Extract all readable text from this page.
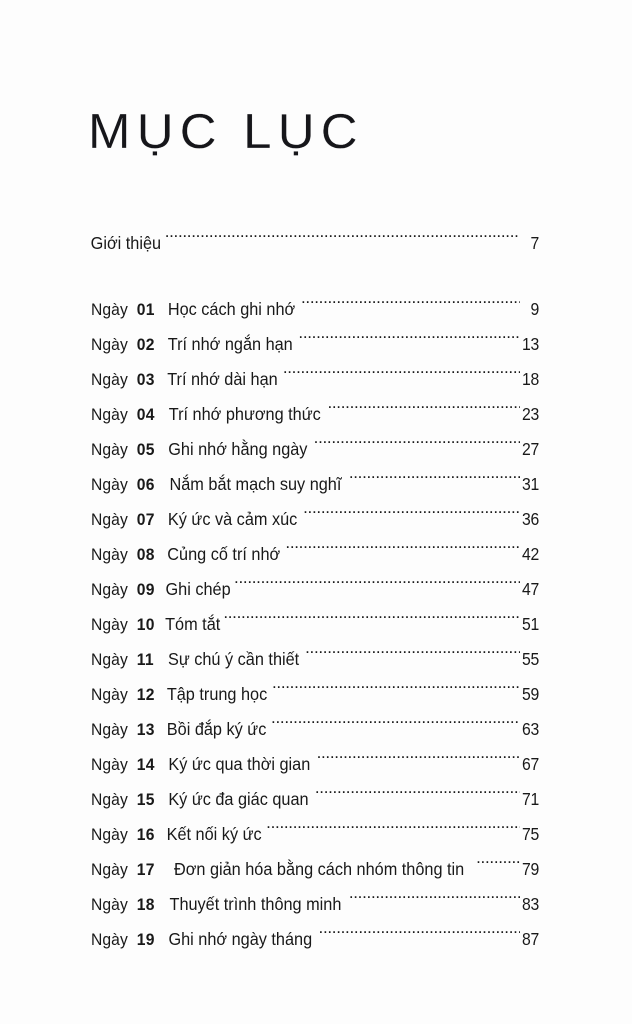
MỤC LỤC
Giới thiệu .....	7
Ngày  01 Học cách ghi nhớ .....	9
Ngày  02 Trí nhớ ngắn hạn .....	13
Ngày  03 Trí nhớ dài hạn .....	18
Ngày  04 Trí nhớ phương thức .....	23
Ngày  05 Ghi nhớ hằng ngày .....	27
Ngày  06 Nắm bắt mạch suy nghĩ .....	31
Ngày  07 Ký ức và cảm xúc .....	36
Ngày  08 Củng cố trí nhớ .....	42
Ngày  09 Ghi chép .....	47
Ngày  10 Tóm tắt .....	51
Ngày  11 Sự chú ý cần thiết .....	55
Ngày  12 Tập trung học .....	59
Ngày  13 Bồi đắp ký ức .....	63
Ngày  14 Ký ức qua thời gian .....	67
Ngày  15 Ký ức đa giác quan .....	71
Ngày  16 Kết nối ký ức .....	75
Ngày  17	Đơn giản hóa bằng cách nhóm thông tin .....	79
Ngày  18 Thuyết trình thông minh .....	83
Ngày  19 Ghi nhớ ngày tháng .....	87
